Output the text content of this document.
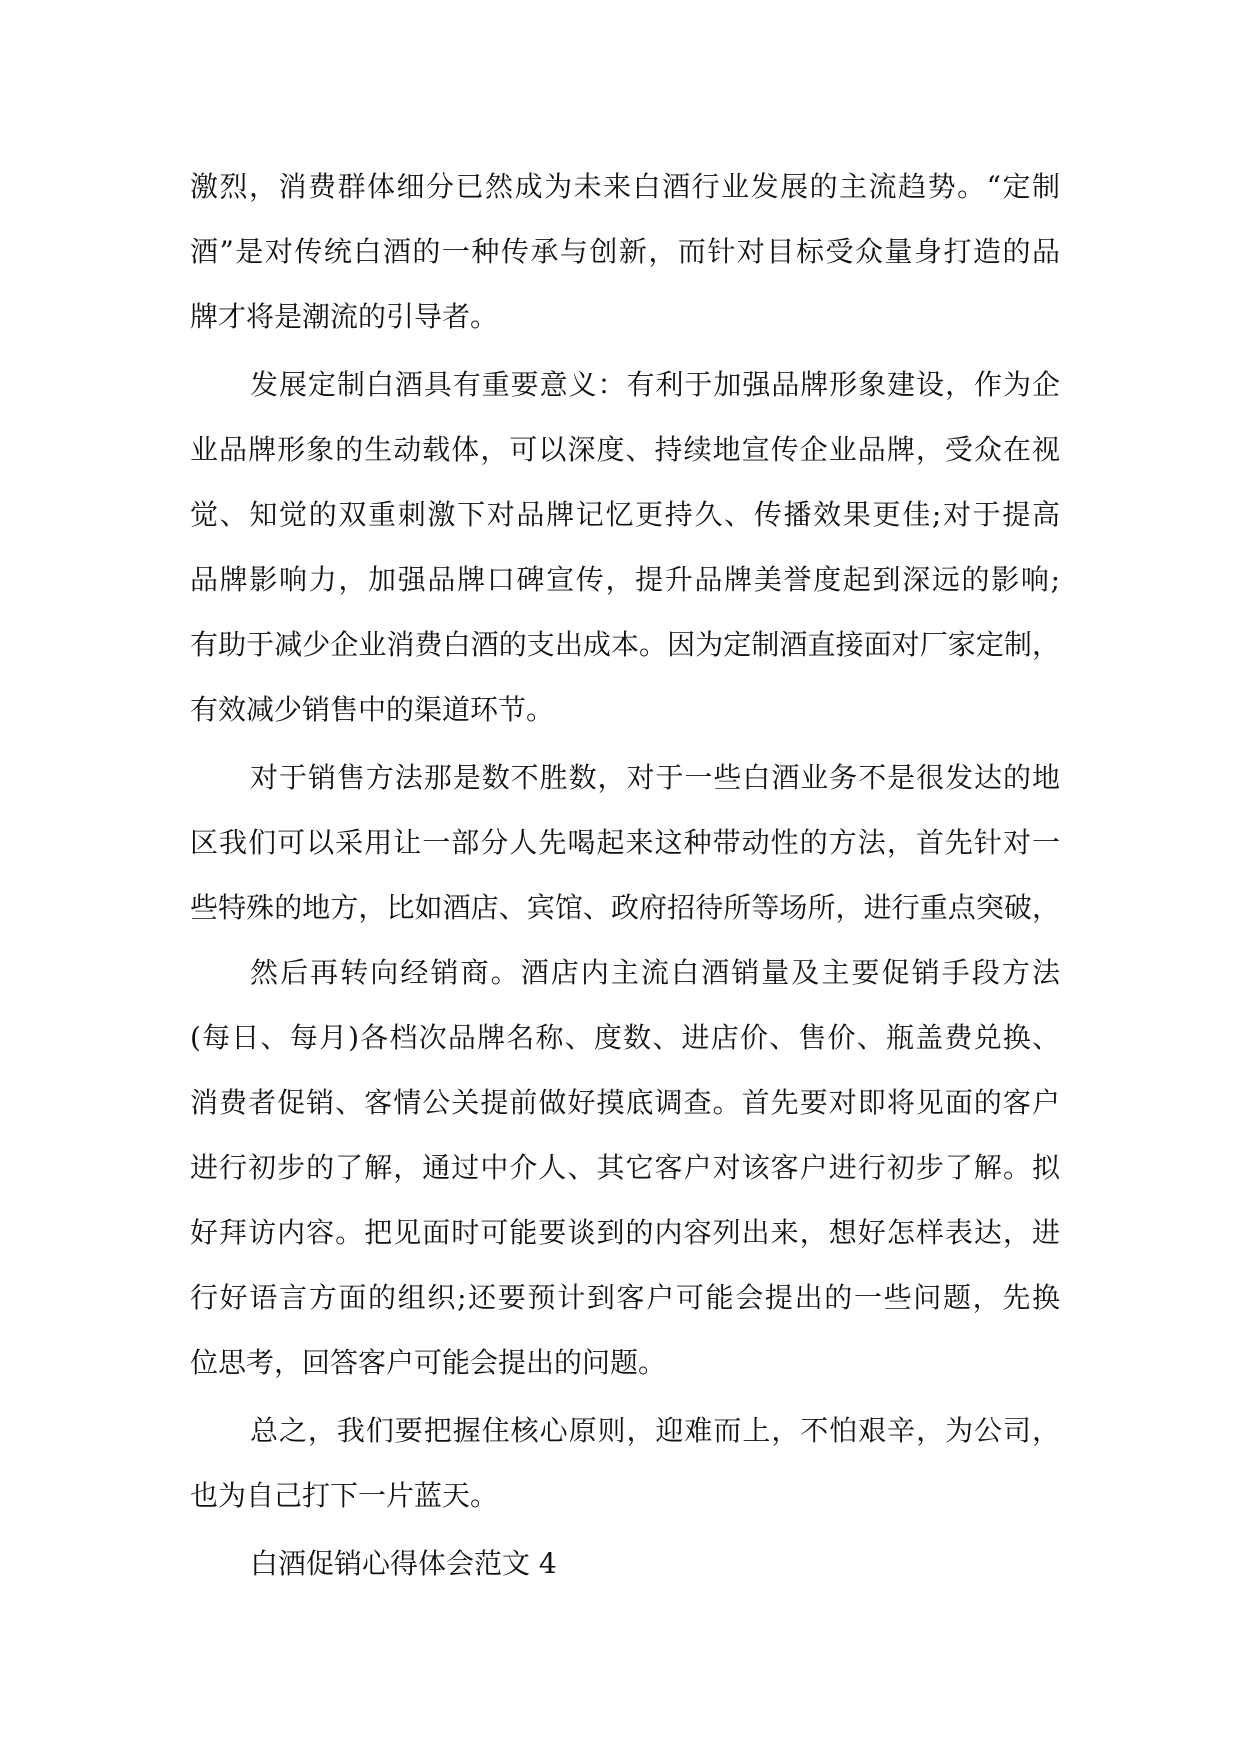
激烈，消费群体细分已然成为未来白酒行业发展的主流趋势。“定制
酒”是对传统白酒的一种传承与创新，而针对目标受众量身打造的品
牌才将是潮流的引导者。
发展定制白酒具有重要意义：有利于加强品牌形象建设，作为企
业品牌形象的生动载体，可以深度、持续地宣传企业品牌，受众在视
觉、知觉的双重刺激下对品牌记忆更持久、传播效果更佳;对于提高
品牌影响力，加强品牌口碑宣传，提升品牌美誉度起到深远的影响;
有助于减少企业消费白酒的支出成本。因为定制酒直接面对厂家定制，
有效减少销售中的渠道环节。
对于销售方法那是数不胜数，对于一些白酒业务不是很发达的地
区我们可以采用让一部分人先喝起来这种带动性的方法，首先针对一
些特殊的地方，比如酒店、宾馆、政府招待所等场所，进行重点突破，
然后再转向经销商。酒店内主流白酒销量及主要促销手段方法
(每日、每月)各档次品牌名称、度数、进店价、售价、瓶盖费兑换、
消费者促销、客情公关提前做好摸底调查。首先要对即将见面的客户
进行初步的了解，通过中介人、其它客户对该客户进行初步了解。拟
好拜访内容。把见面时可能要谈到的内容列出来，想好怎样表达，进
行好语言方面的组织;还要预计到客户可能会提出的一些问题，先换
位思考，回答客户可能会提出的问题。
总之，我们要把握住核心原则，迎难而上，不怕艰辛，为公司，
也为自己打下一片蓝天。
白酒促销心得体会范文 4
